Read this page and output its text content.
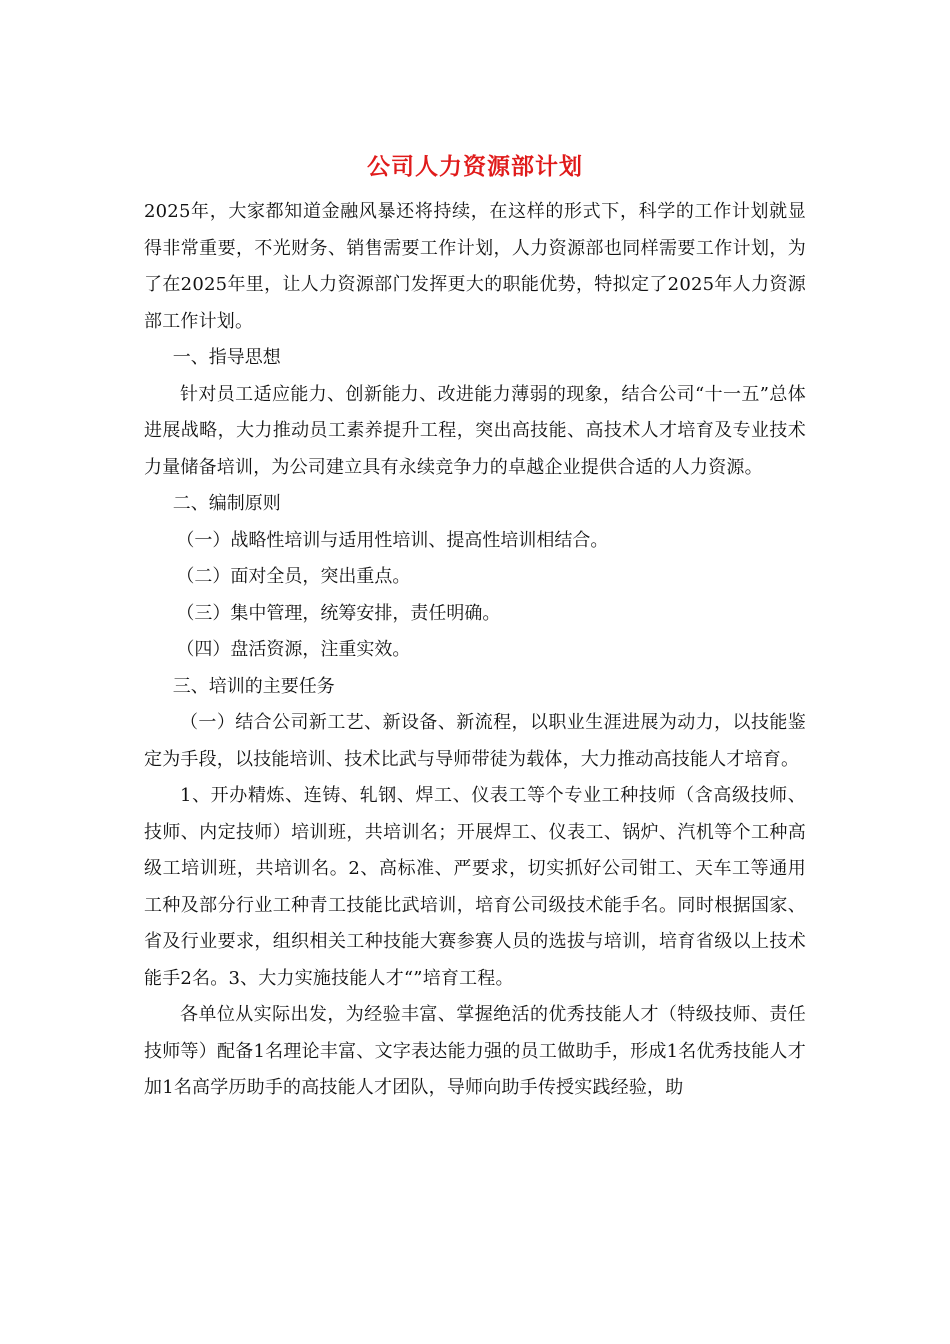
公司人力资源部计划

2025年，大家都知道金融风暴还将持续，在这样的形式下，科学的工作计划就显得非常重要，不光财务、销售需要工作计划，人力资源部也同样需要工作计划，为了在2025年里，让人力资源部门发挥更大的职能优势，特拟定了2025年人力资源部工作计划。

一、指导思想

针对员工适应能力、创新能力、改进能力薄弱的现象，结合公司“十一五”总体进展战略，大力推动员工素养提升工程，突出高技能、高技术人才培育及专业技术力量储备培训，为公司建立具有永续竞争力的卓越企业提供合适的人力资源。

二、编制原则

（一）战略性培训与适用性培训、提高性培训相结合。

（二）面对全员，突出重点。

（三）集中管理，统筹安排，责任明确。

（四）盘活资源，注重实效。

三、培训的主要任务

（一）结合公司新工艺、新设备、新流程，以职业生涯进展为动力，以技能鉴定为手段，以技能培训、技术比武与导师带徒为载体，大力推动高技能人才培育。

1、开办精炼、连铸、轧钢、焊工、仪表工等个专业工种技师（含高级技师、技师、内定技师）培训班，共培训名；开展焊工、仪表工、锅炉、汽机等个工种高级工培训班，共培训名。2、高标准、严要求，切实抓好公司钳工、天车工等通用工种及部分行业工种青工技能比武培训，培育公司级技术能手名。同时根据国家、省及行业要求，组织相关工种技能大赛参赛人员的选拔与培训，培育省级以上技术能手2名。3、大力实施技能人才“”培育工程。

各单位从实际出发，为经验丰富、掌握绝活的优秀技能人才（特级技师、责任技师等）配备1名理论丰富、文字表达能力强的员工做助手，形成1名优秀技能人才加1名高学历助手的高技能人才团队，导师向助手传授实践经验，助
